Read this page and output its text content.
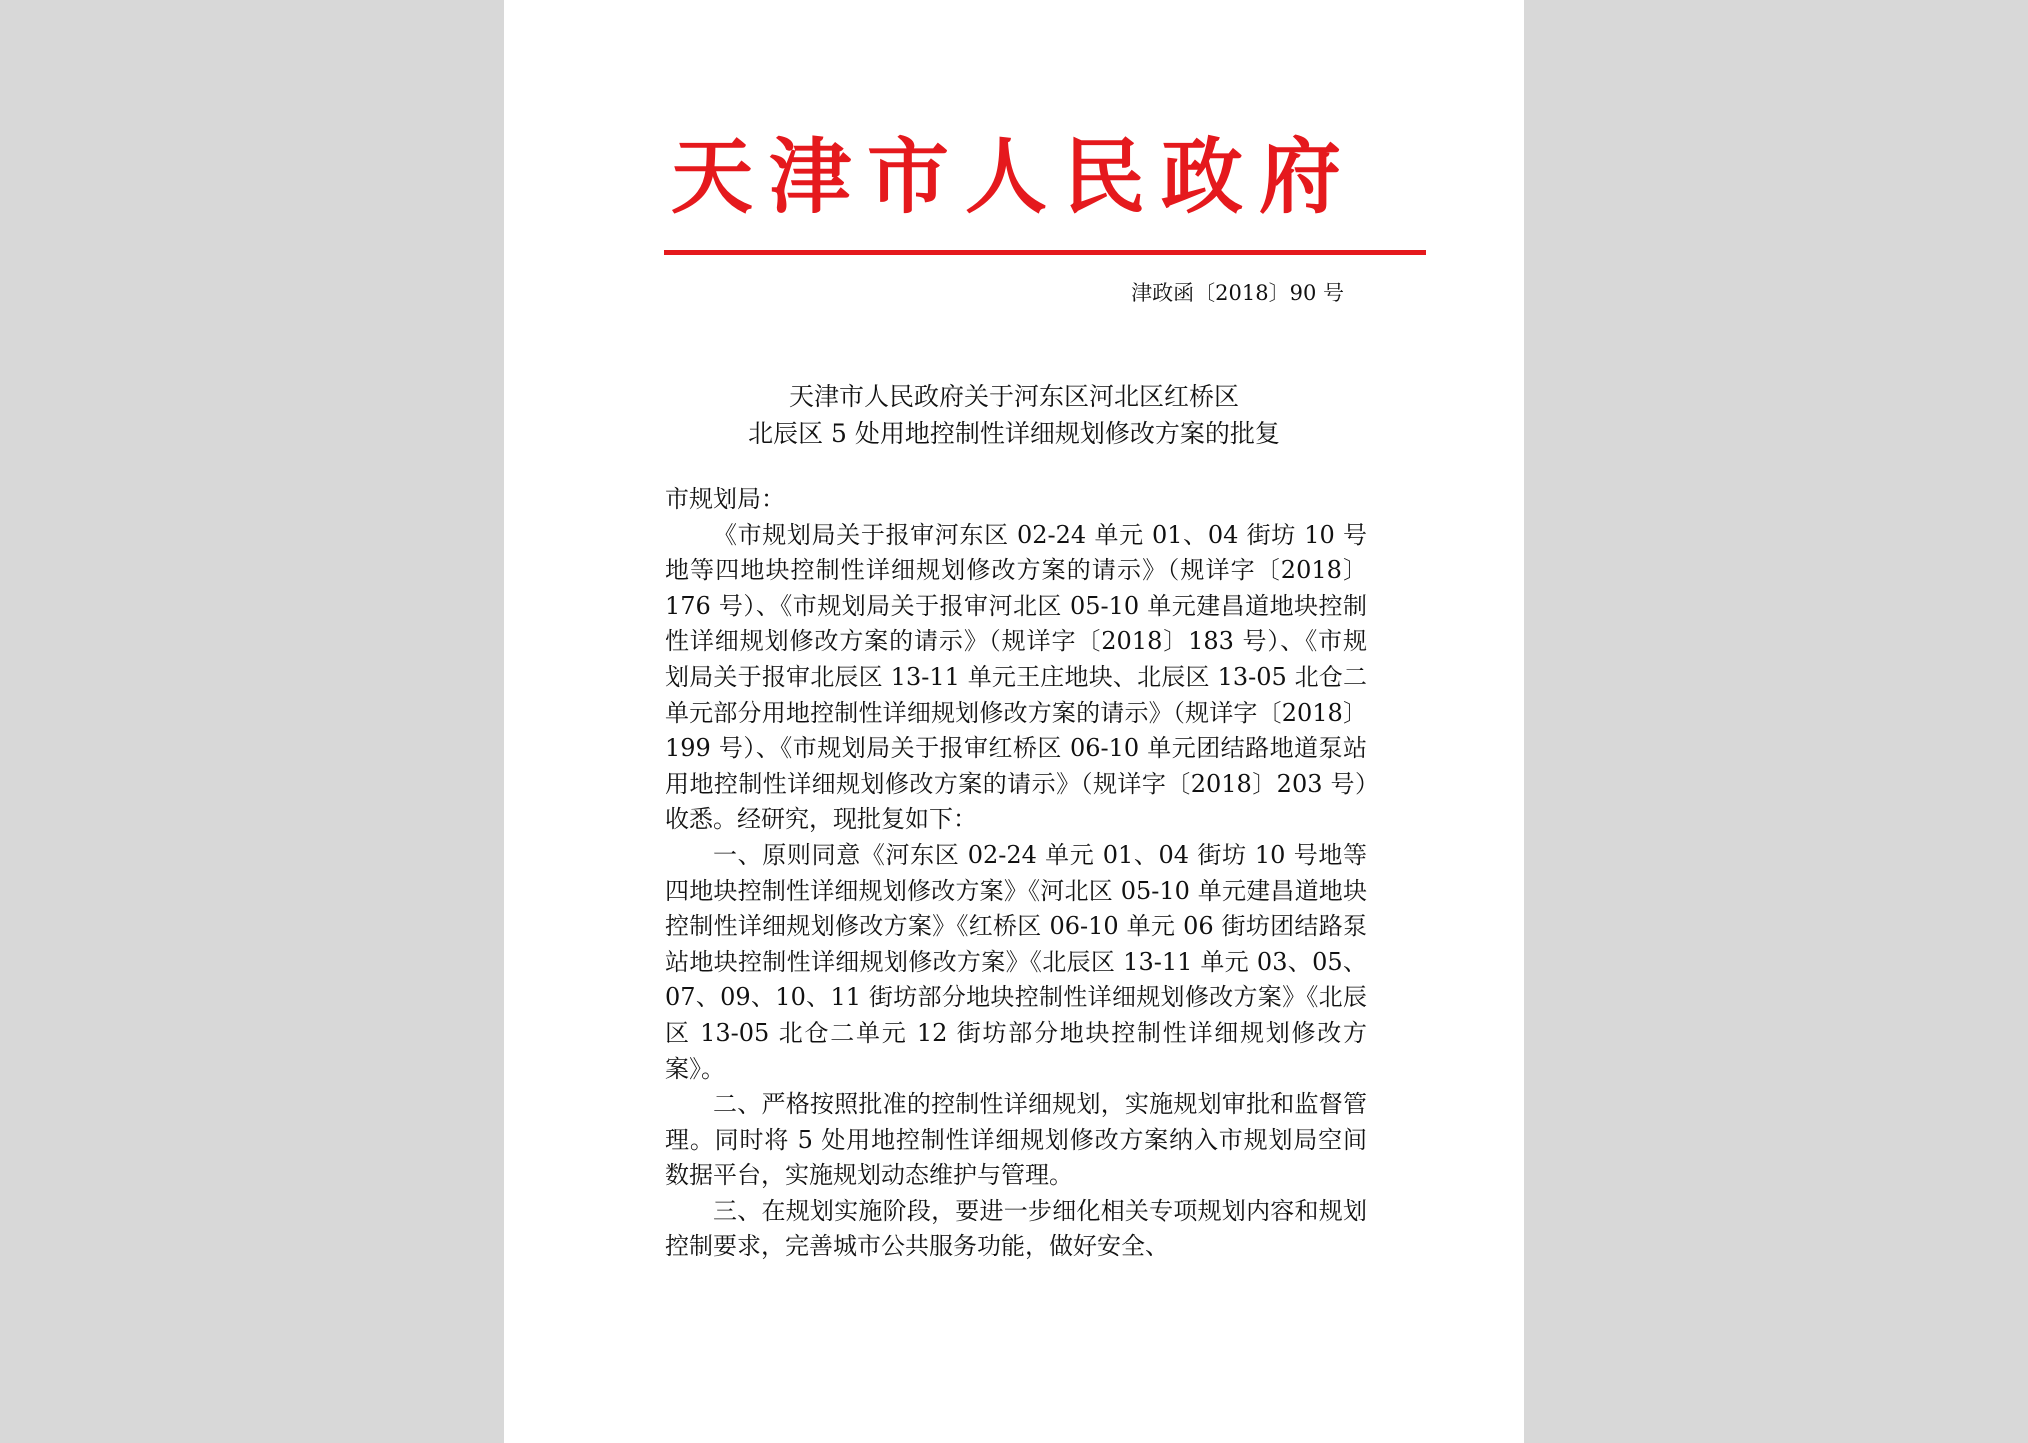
天津市人民政府
津政函〔2018〕90 号
天津市人民政府关于河东区河北区红桥区
北辰区 5 处用地控制性详细规划修改方案的批复

市规划局：

《市规划局关于报审河东区 02-24 单元 01、04 街坊 10 号地等四地块控制性详细规划修改方案的请示》（规详字〔2018〕176 号）、《市规划局关于报审河北区 05-10 单元建昌道地块控制性详细规划修改方案的请示》（规详字〔2018〕183 号）、《市规划局关于报审北辰区 13-11 单元王庄地块、北辰区 13-05 北仓二单元部分用地控制性详细规划修改方案的请示》（规详字〔2018〕199 号）、《市规划局关于报审红桥区 06-10 单元团结路地道泵站用地控制性详细规划修改方案的请示》（规详字〔2018〕203 号）收悉。经研究，现批复如下：

一、原则同意《河东区 02-24 单元 01、04 街坊 10 号地等四地块控制性详细规划修改方案》《河北区 05-10 单元建昌道地块控制性详细规划修改方案》《红桥区 06-10 单元 06 街坊团结路泵站地块控制性详细规划修改方案》《北辰区 13-11 单元 03、05、07、09、10、11 街坊部分地块控制性详细规划修改方案》《北辰区 13-05 北仓二单元 12 街坊部分地块控制性详细规划修改方案》。

二、严格按照批准的控制性详细规划，实施规划审批和监督管理。同时将 5 处用地控制性详细规划修改方案纳入市规划局空间数据平台，实施规划动态维护与管理。

三、在规划实施阶段，要进一步细化相关专项规划内容和规划控制要求，完善城市公共服务功能，做好安全、
